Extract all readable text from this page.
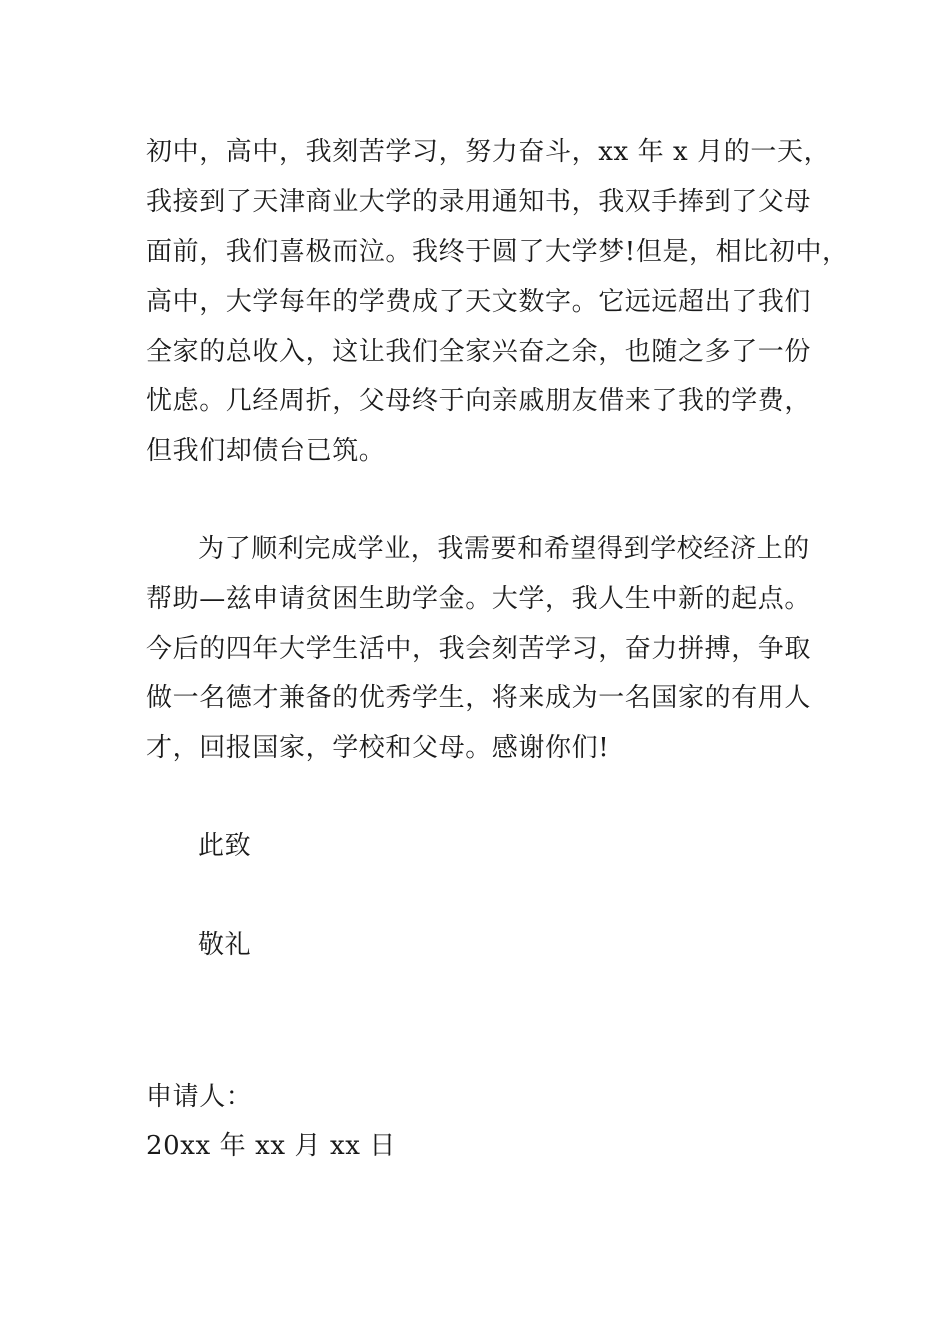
初中，高中，我刻苦学习，努力奋斗，xx 年 x 月的一天，
我接到了天津商业大学的录用通知书，我双手捧到了父母
面前，我们喜极而泣。我终于圆了大学梦!但是，相比初中，
高中，大学每年的学费成了天文数字。它远远超出了我们
全家的总收入，这让我们全家兴奋之余，也随之多了一份
忧虑。几经周折，父母终于向亲戚朋友借来了我的学费，
但我们却债台已筑。
为了顺利完成学业，我需要和希望得到学校经济上的
帮助—兹申请贫困生助学金。大学，我人生中新的起点。
今后的四年大学生活中，我会刻苦学习，奋力拼搏，争取
做一名德才兼备的优秀学生，将来成为一名国家的有用人
才，回报国家，学校和父母。感谢你们!
此致
敬礼
申请人：
20xx 年 xx 月 xx 日
